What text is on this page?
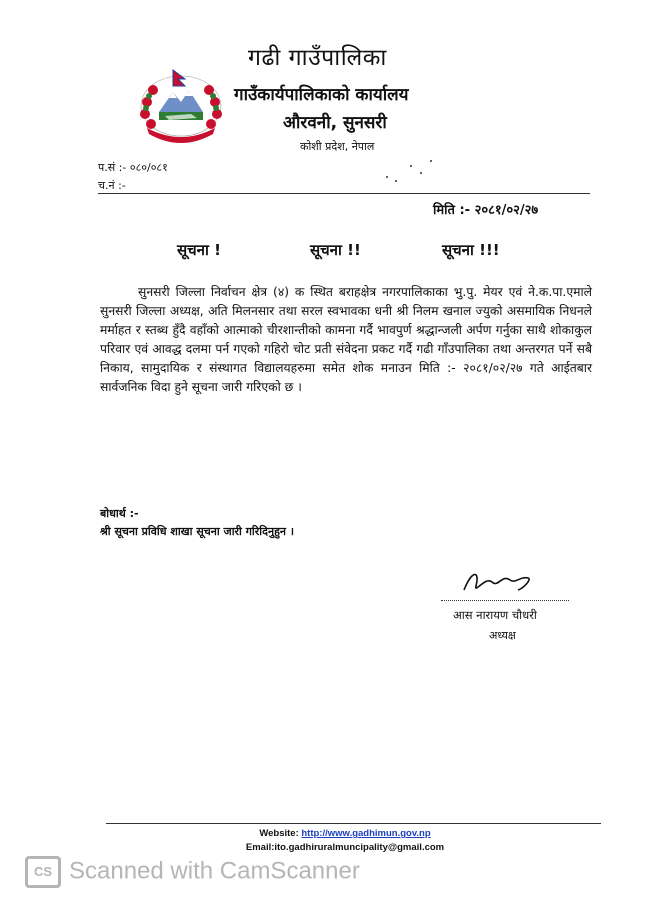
गढी गाउँपालिका
गाउँकार्यपालिकाको कार्यालय
औरवनी, सुनसरी
कोशी प्रदेश, नेपाल
प.सं :- ०८०/०८१
च.नं :-
मिति :- २०८१/०२/२७
सूचना !	सूचना !!	सूचना !!!
सुनसरी जिल्ला निर्वाचन क्षेत्र (४) क स्थित बराहक्षेत्र नगरपालिकाका भु.पु. मेयर एवं ने.क.पा.एमाले सुनसरी जिल्ला अध्यक्ष, अति मिलनसार तथा सरल स्वभावका धनी श्री निलम खनाल ज्युको असमायिक निधनले मर्माहत र स्तब्ध हुँदै वहाँको आत्माको चीरशान्तीको कामना गर्दै भावपुर्ण श्रद्धान्जली अर्पण गर्नुका साथै शोकाकुल परिवार एवं आवद्ध दलमा पर्न गएको गहिरो चोट प्रती संवेदना प्रकट गर्दै गढी गाँउपालिका तथा अन्तरगत पर्ने सबै निकाय, सामुदायिक र संस्थागत विद्यालयहरुमा समेत शोक मनाउन मिति :- २०८१/०२/२७ गते आईतबार सार्वजनिक विदा हुने सूचना जारी गरिएको छ ।
बोधार्थ :-
श्री सूचना प्रविधि शाखा सूचना जारी गरिदिनुहुन ।
आस नारायण चौधरी
अध्यक्ष
Website: http://www.gadhimun.gov.np
Email:ito.gadhiruralmuncipality@gmail.com
CS Scanned with CamScanner
